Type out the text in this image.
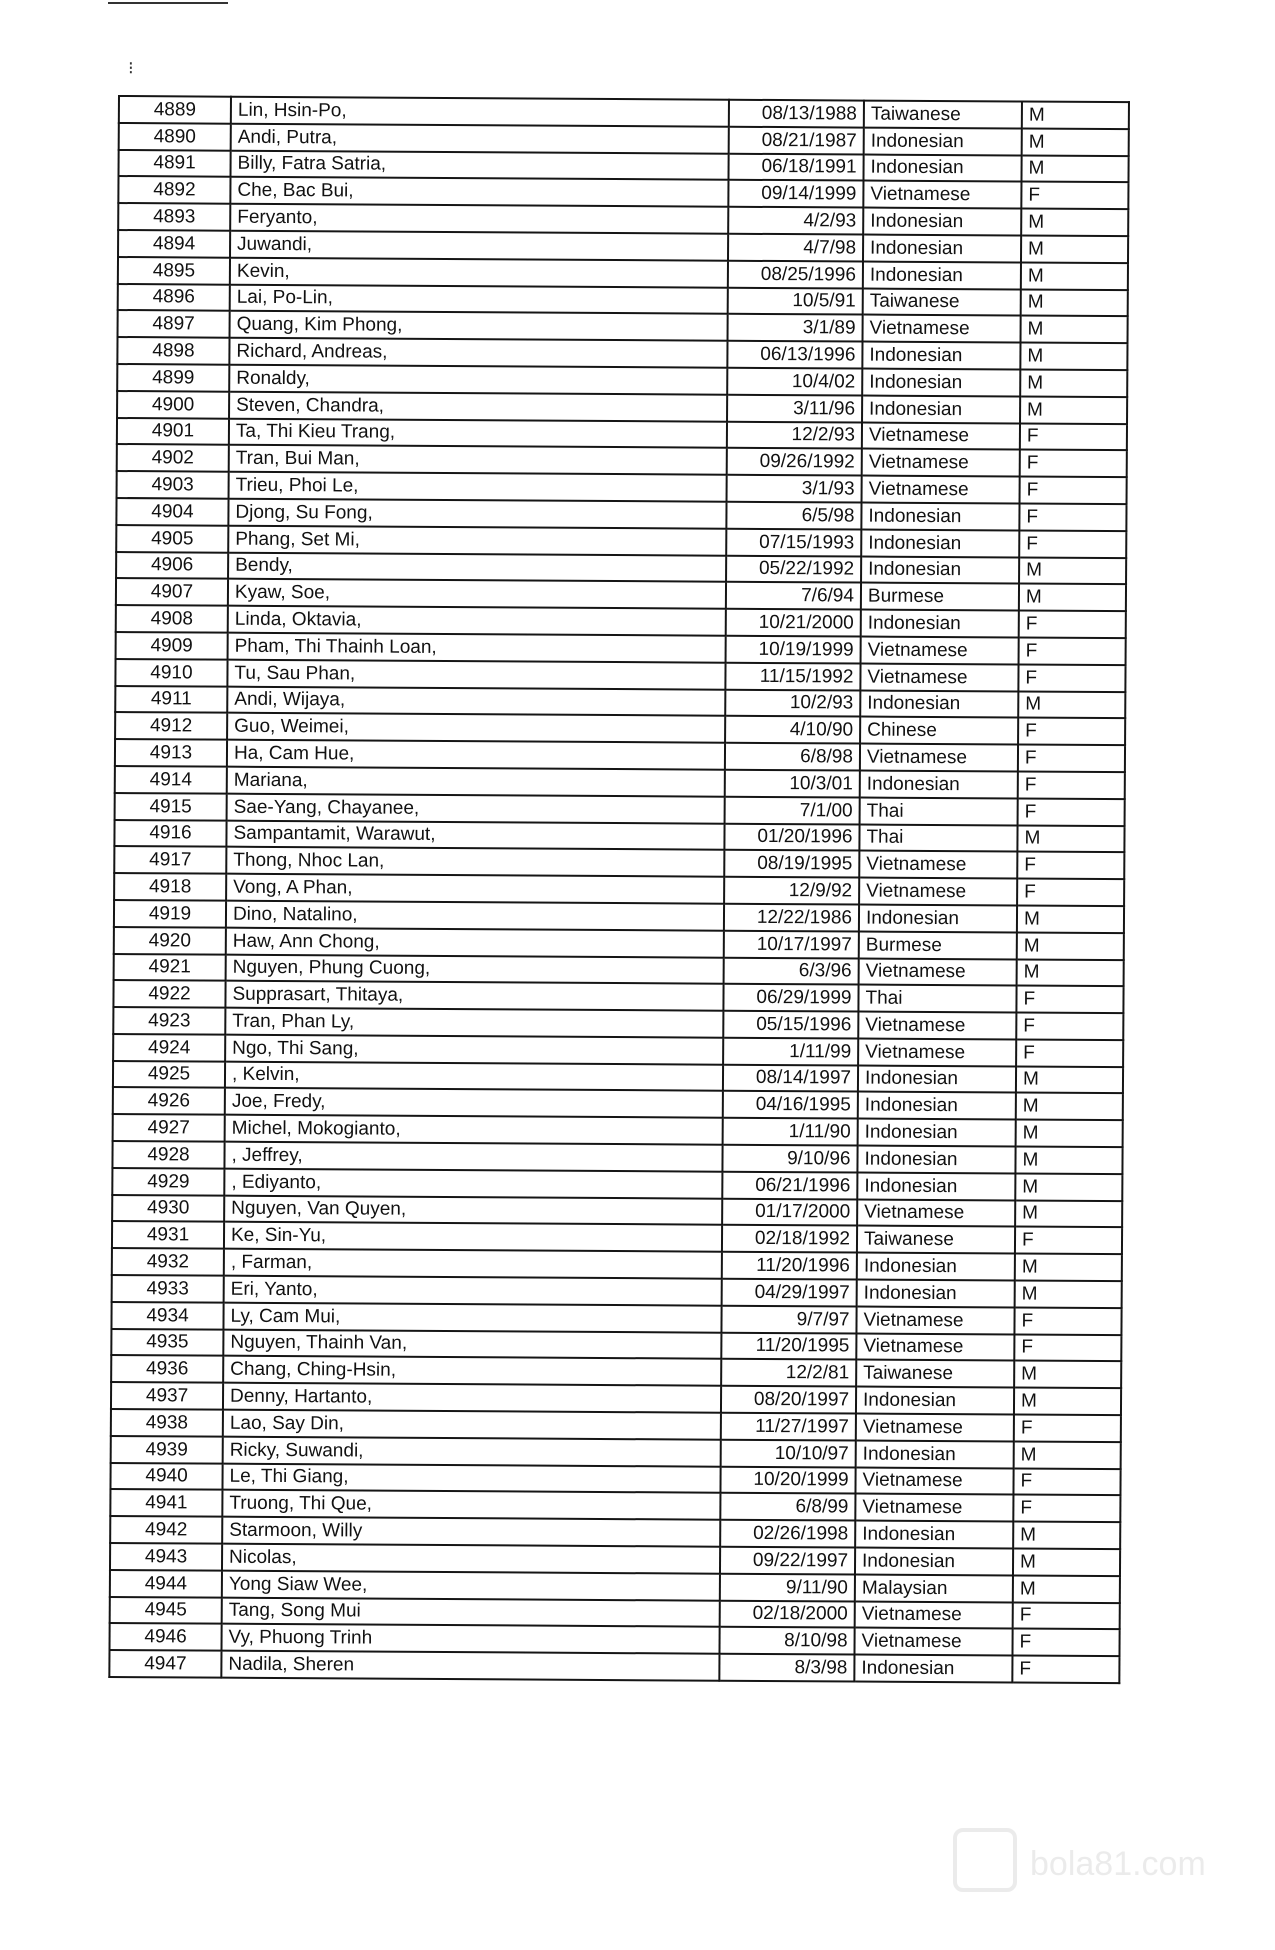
⁝
4889	Lin, Hsin-Po,	08/13/1988	Taiwanese	M
4890	Andi, Putra,	08/21/1987	Indonesian	M
4891	Billy, Fatra Satria,	06/18/1991	Indonesian	M
4892	Che, Bac Bui,	09/14/1999	Vietnamese	F
4893	Feryanto,	4/2/93	Indonesian	M
4894	Juwandi,	4/7/98	Indonesian	M
4895	Kevin,	08/25/1996	Indonesian	M
4896	Lai, Po-Lin,	10/5/91	Taiwanese	M
4897	Quang, Kim Phong,	3/1/89	Vietnamese	M
4898	Richard, Andreas,	06/13/1996	Indonesian	M
4899	Ronaldy,	10/4/02	Indonesian	M
4900	Steven, Chandra,	3/11/96	Indonesian	M
4901	Ta, Thi Kieu Trang,	12/2/93	Vietnamese	F
4902	Tran, Bui Man,	09/26/1992	Vietnamese	F
4903	Trieu, Phoi Le,	3/1/93	Vietnamese	F
4904	Djong, Su Fong,	6/5/98	Indonesian	F
4905	Phang, Set Mi,	07/15/1993	Indonesian	F
4906	Bendy,	05/22/1992	Indonesian	M
4907	Kyaw, Soe,	7/6/94	Burmese	M
4908	Linda, Oktavia,	10/21/2000	Indonesian	F
4909	Pham, Thi Thainh Loan,	10/19/1999	Vietnamese	F
4910	Tu, Sau Phan,	11/15/1992	Vietnamese	F
4911	Andi, Wijaya,	10/2/93	Indonesian	M
4912	Guo, Weimei,	4/10/90	Chinese	F
4913	Ha, Cam Hue,	6/8/98	Vietnamese	F
4914	Mariana,	10/3/01	Indonesian	F
4915	Sae-Yang, Chayanee,	7/1/00	Thai	F
4916	Sampantamit, Warawut,	01/20/1996	Thai	M
4917	Thong, Nhoc Lan,	08/19/1995	Vietnamese	F
4918	Vong, A Phan,	12/9/92	Vietnamese	F
4919	Dino, Natalino,	12/22/1986	Indonesian	M
4920	Haw, Ann Chong,	10/17/1997	Burmese	M
4921	Nguyen, Phung Cuong,	6/3/96	Vietnamese	M
4922	Supprasart, Thitaya,	06/29/1999	Thai	F
4923	Tran, Phan Ly,	05/15/1996	Vietnamese	F
4924	Ngo, Thi Sang,	1/11/99	Vietnamese	F
4925	, Kelvin,	08/14/1997	Indonesian	M
4926	Joe, Fredy,	04/16/1995	Indonesian	M
4927	Michel, Mokogianto,	1/11/90	Indonesian	M
4928	, Jeffrey,	9/10/96	Indonesian	M
4929	, Ediyanto,	06/21/1996	Indonesian	M
4930	Nguyen, Van Quyen,	01/17/2000	Vietnamese	M
4931	Ke, Sin-Yu,	02/18/1992	Taiwanese	F
4932	, Farman,	11/20/1996	Indonesian	M
4933	Eri, Yanto,	04/29/1997	Indonesian	M
4934	Ly, Cam Mui,	9/7/97	Vietnamese	F
4935	Nguyen, Thainh Van,	11/20/1995	Vietnamese	F
4936	Chang, Ching-Hsin,	12/2/81	Taiwanese	M
4937	Denny, Hartanto,	08/20/1997	Indonesian	M
4938	Lao, Say Din,	11/27/1997	Vietnamese	F
4939	Ricky, Suwandi,	10/10/97	Indonesian	M
4940	Le, Thi Giang,	10/20/1999	Vietnamese	F
4941	Truong, Thi Que,	6/8/99	Vietnamese	F
4942	Starmoon, Willy	02/26/1998	Indonesian	M
4943	Nicolas,	09/22/1997	Indonesian	M
4944	Yong Siaw Wee,	9/11/90	Malaysian	M
4945	Tang, Song Mui	02/18/2000	Vietnamese	F
4946	Vy, Phuong Trinh	8/10/98	Vietnamese	F
4947	Nadila, Sheren	8/3/98	Indonesian	F
bola81.com
